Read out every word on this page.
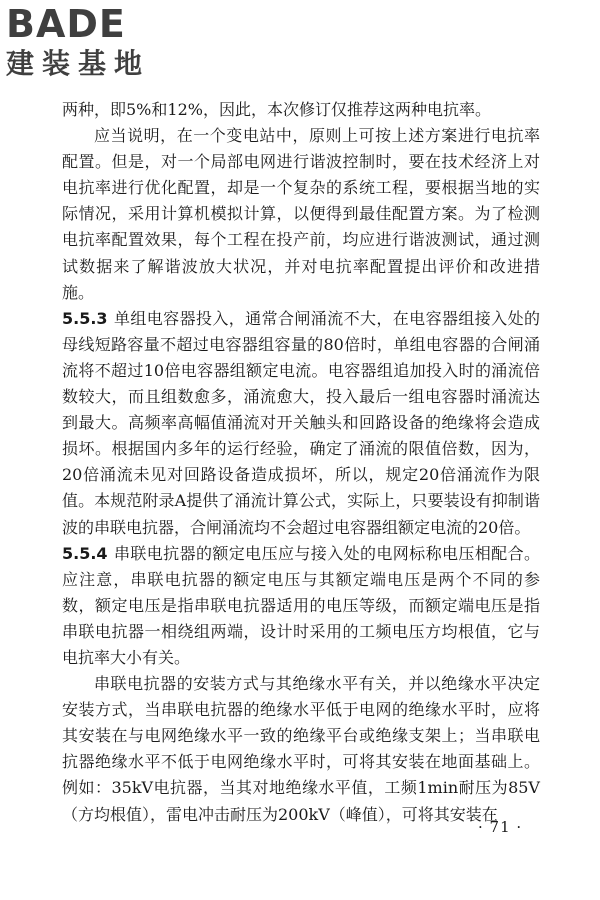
BADE
建装基地

两种，即5%和12%，因此，本次修订仅推荐这两种电抗率。

应当说明，在一个变电站中，原则上可按上述方案进行电抗率配置。但是，对一个局部电网进行谐波控制时，要在技术经济上对电抗率进行优化配置，却是一个复杂的系统工程，要根据当地的实际情况，采用计算机模拟计算，以便得到最佳配置方案。为了检测电抗率配置效果，每个工程在投产前，均应进行谐波测试，通过测试数据来了解谐波放大状况，并对电抗率配置提出评价和改进措施。

5.5.3 单组电容器投入，通常合闸涌流不大，在电容器组接入处的母线短路容量不超过电容器组容量的80倍时，单组电容器的合闸涌流将不超过10倍电容器组额定电流。电容器组追加投入时的涌流倍数较大，而且组数愈多，涌流愈大，投入最后一组电容器时涌流达到最大。高频率高幅值涌流对开关触头和回路设备的绝缘将会造成损坏。根据国内多年的运行经验，确定了涌流的限值倍数，因为，20倍涌流未见对回路设备造成损坏，所以，规定20倍涌流作为限值。本规范附录A提供了涌流计算公式，实际上，只要装设有抑制谐波的串联电抗器，合闸涌流均不会超过电容器组额定电流的20倍。

5.5.4 串联电抗器的额定电压应与接入处的电网标称电压相配合。应注意，串联电抗器的额定电压与其额定端电压是两个不同的参数，额定电压是指串联电抗器适用的电压等级，而额定端电压是指串联电抗器一相绕组两端，设计时采用的工频电压方均根值，它与电抗率大小有关。

串联电抗器的安装方式与其绝缘水平有关，并以绝缘水平决定安装方式，当串联电抗器的绝缘水平低于电网的绝缘水平时，应将其安装在与电网绝缘水平一致的绝缘平台或绝缘支架上；当串联电抗器绝缘水平不低于电网绝缘水平时，可将其安装在地面基础上。例如：35kV电抗器，当其对地绝缘水平值，工频1min耐压为85V（方均根值），雷电冲击耐压为200kV（峰值），可将其安装在

· 71 ·
